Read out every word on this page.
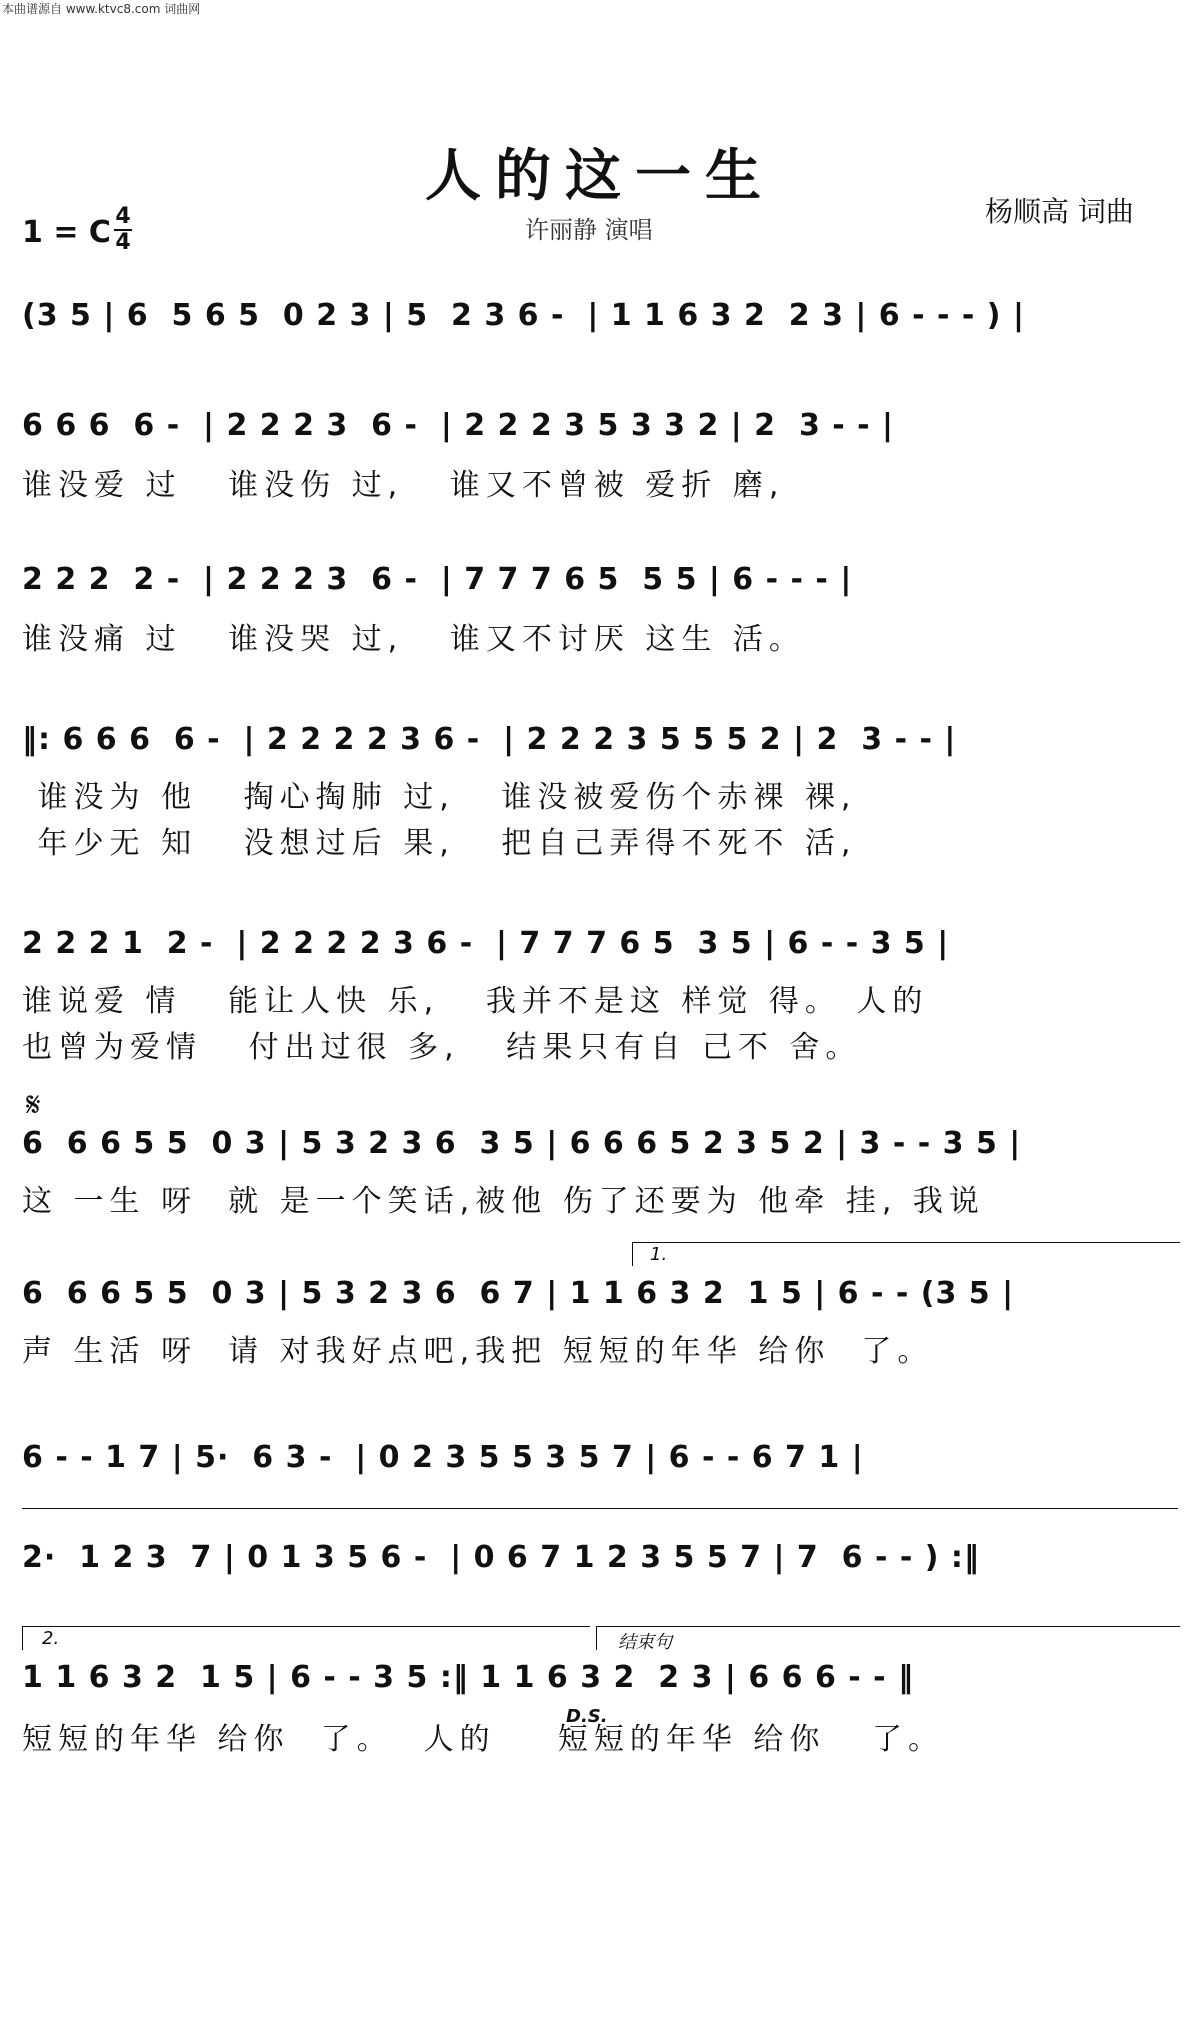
本曲谱源自 www.ktvc8.com 词曲网
人的这一生
许丽静 演唱
杨顺高 词曲
1 = C 4
4
(3 5 | 6  5 6 5  0 2 3 | 5  2 3 6 -  | 1 1 6 3 2  2 3 | 6 - - - ) |
6 6 6  6 -  | 2 2 2 3  6 -  | 2 2 2 3 5 3 3 2 | 2  3 - - |
谁没爱 过   谁没伤 过,   谁又不曾被 爱折 磨,
2 2 2  2 -  | 2 2 2 3  6 -  | 7 7 7 6 5  5 5 | 6 - - - |
谁没痛 过   谁没哭 过,   谁又不讨厌 这生 活。
‖: 6 6 6  6 -  | 2 2 2 2 3 6 -  | 2 2 2 3 5 5 5 2 | 2  3 - - |
谁没为 他   掏心掏肺 过,   谁没被爱伤个赤裸 裸,
年少无 知   没想过后 果,   把自己弄得不死不 活,
2 2 2 1  2 -  | 2 2 2 2 3 6 -  | 7 7 7 6 5  3 5 | 6 - - 3 5 |
谁说爱 情   能让人快 乐,   我并不是这 样觉 得。 人的
也曾为爱情   付出过很 多,   结果只有自 己不 舍。
𝄋
6  6 6 5 5  0 3 | 5 3 2 3 6  3 5 | 6 6 6 5 2 3 5 2 | 3 - - 3 5 |
这 一生 呀  就 是一个笑话,被他 伤了还要为 他牵 挂, 我说
1.
6  6 6 5 5  0 3 | 5 3 2 3 6  6 7 | 1 1 6 3 2  1 5 | 6 - - (3 5 |
声 生活 呀  请 对我好点吧,我把 短短的年华 给你  了。
6 - - 1 7 | 5·  6 3 -  | 0 2 3 5 5 3 5 7 | 6 - - 6 7 1 |
2·  1 2 3  7 | 0 1 3 5 6 -  | 0 6 7 1 2 3 5 5 7 | 7  6 - - ) :‖
2.	结束句
1 1 6 3 2  1 5 | 6 - - 3 5 :‖ 1 1 6 3 2  2 3 | 6 6 6 - - ‖
短短的年华 给你  了。  人的    短短的年华 给你   了。
D.S.
